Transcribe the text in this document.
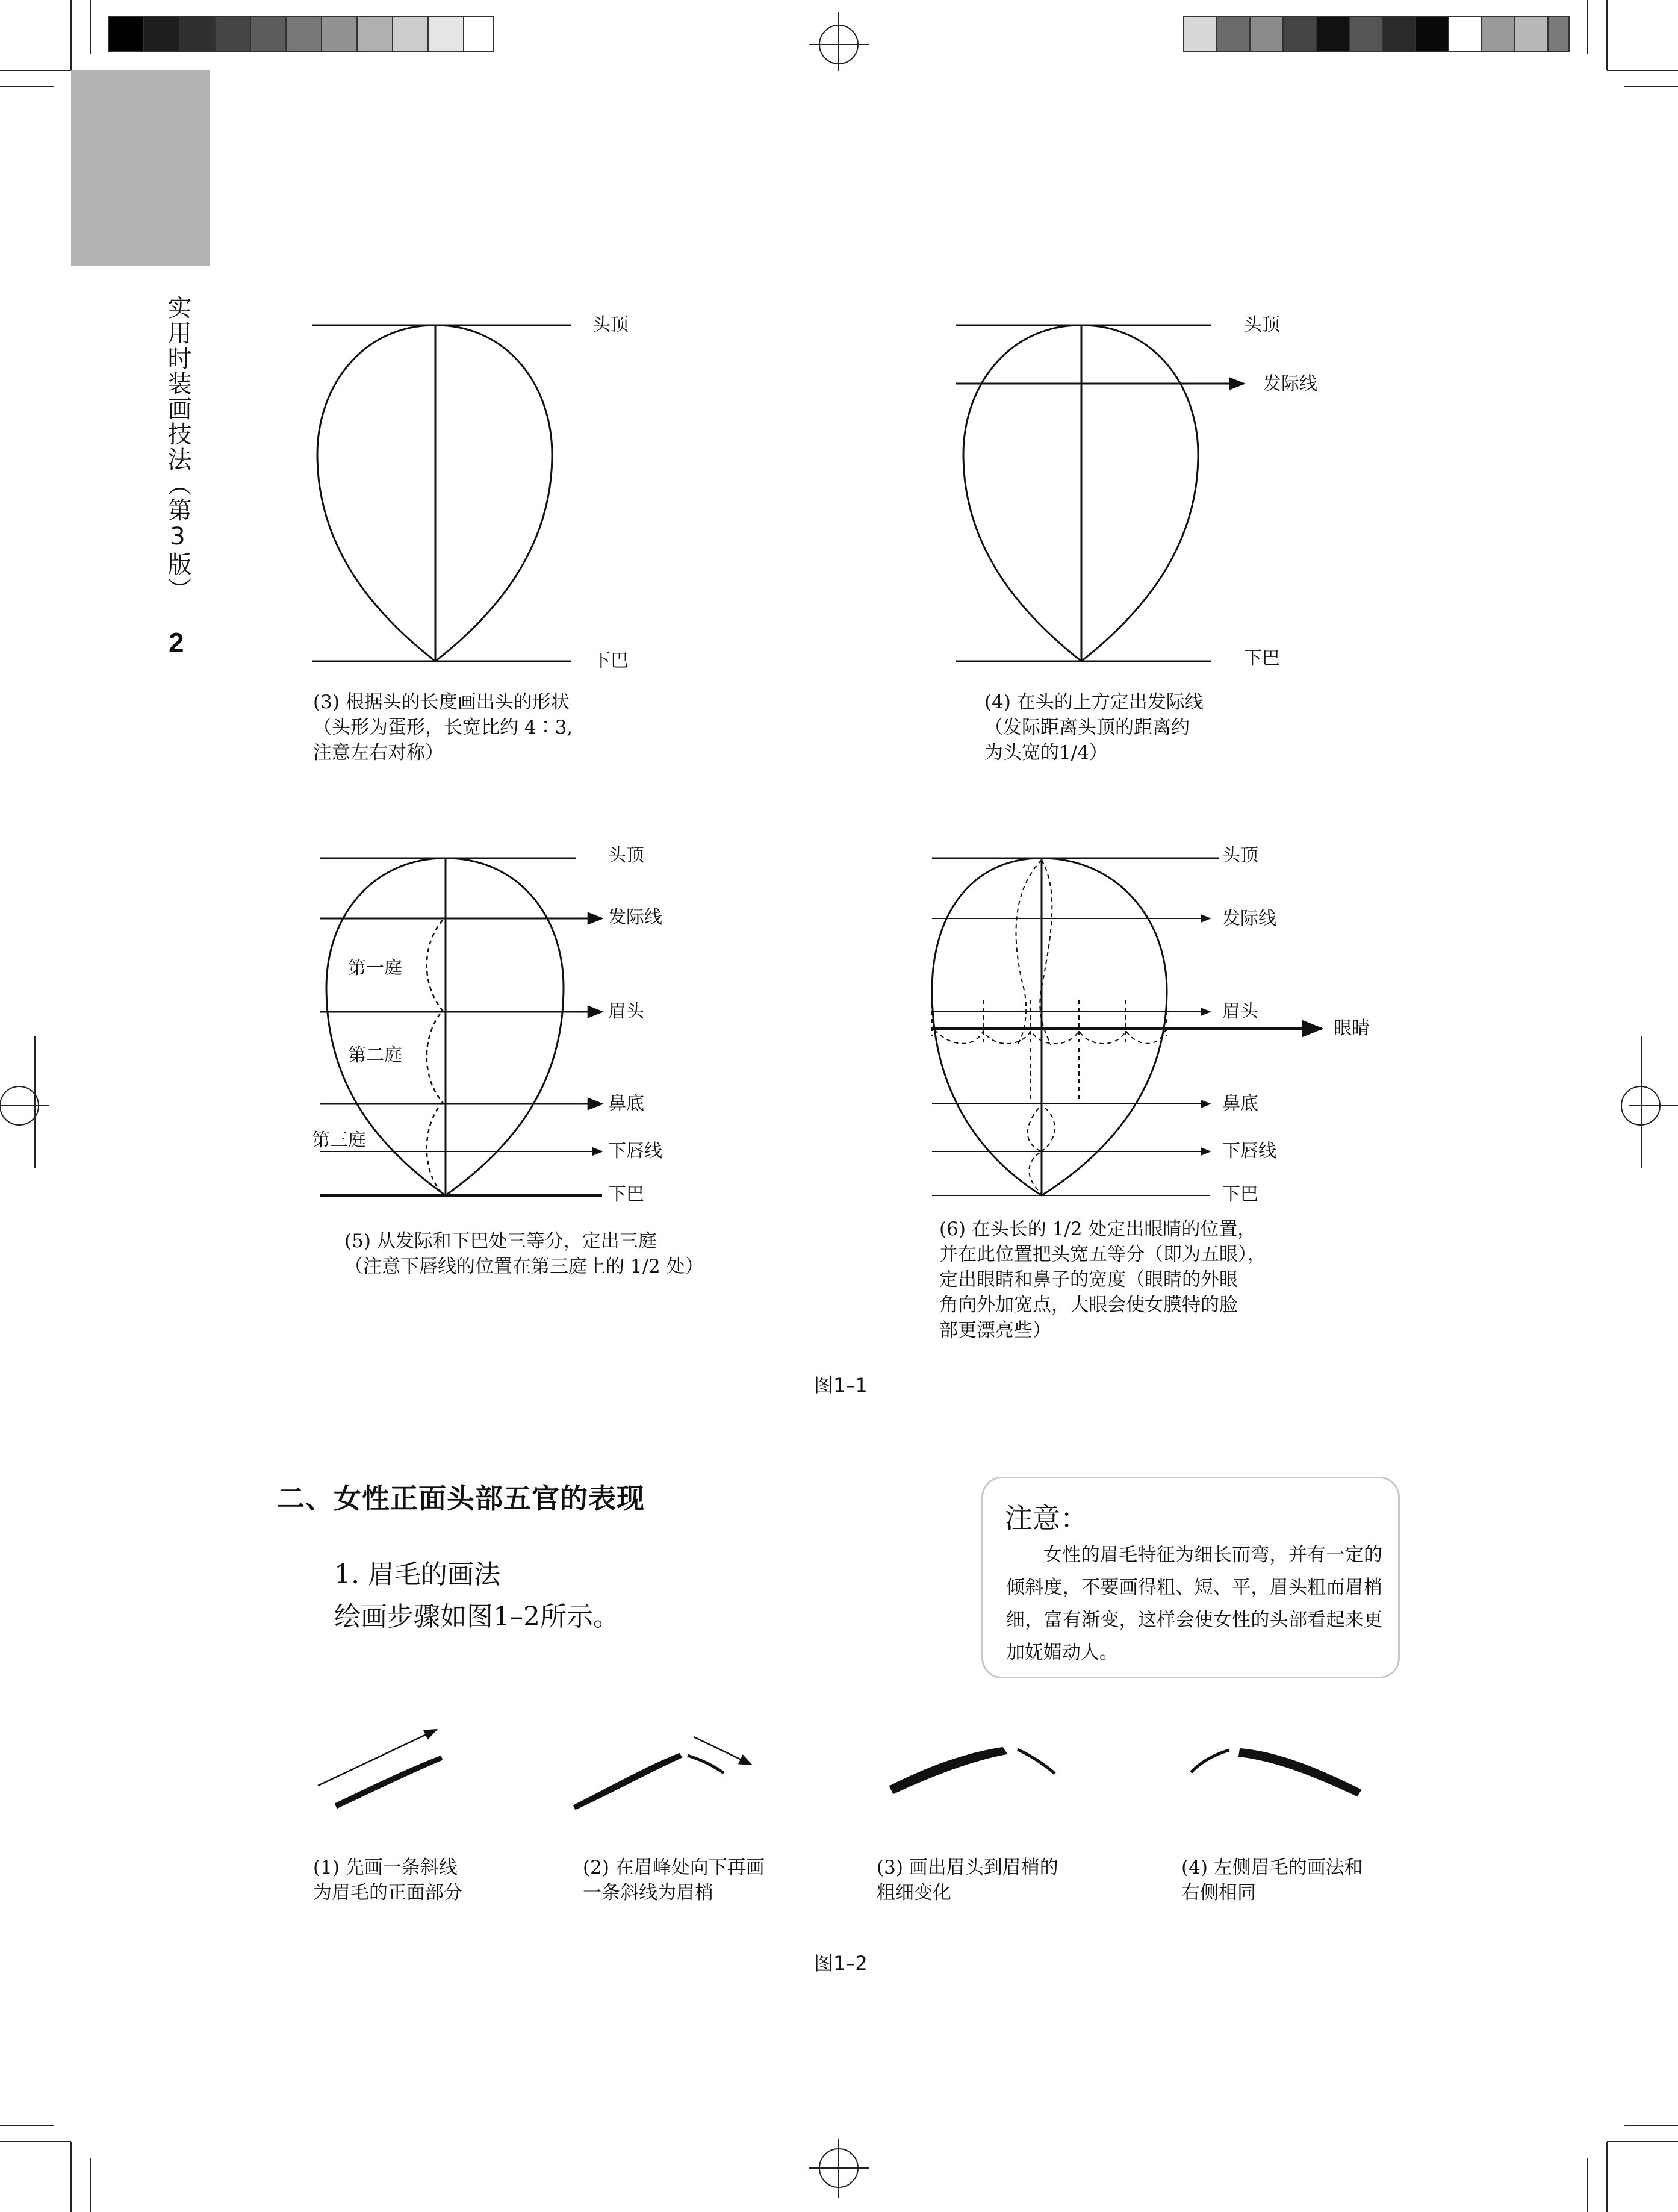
实用时装画技法（第3版）
2
头顶
下巴
(3) 根据头的长度画出头的形状
（头形为蛋形，长宽比约 4∶3,
注意左右对称）
头顶
发际线
下巴
(4) 在头的上方定出发际线
（发际距离头顶的距离约
为头宽的1/4）
头顶
发际线
眉头
鼻底
下唇线
下巴
第一庭
第二庭
第三庭
(5) 从发际和下巴处三等分，定出三庭
（注意下唇线的位置在第三庭上的 1/2 处）
头顶
发际线
眉头
眼睛
鼻底
下唇线
下巴
(6) 在头长的 1/2 处定出眼睛的位置，
并在此位置把头宽五等分（即为五眼），
定出眼睛和鼻子的宽度（眼睛的外眼
角向外加宽点，大眼会使女膜特的脸
部更漂亮些）
图1–1
二、女性正面头部五官的表现
1. 眉毛的画法
绘画步骤如图1–2所示。
注意：
女性的眉毛特征为细长而弯，并有一定的倾斜度，不要画得粗、短、平，眉头粗而眉梢细，富有渐变，这样会使女性的头部看起来更加妩媚动人。
(1) 先画一条斜线
为眉毛的正面部分
(2) 在眉峰处向下再画
一条斜线为眉梢
(3) 画出眉头到眉梢的
粗细变化
(4) 左侧眉毛的画法和
右侧相同
图1–2
